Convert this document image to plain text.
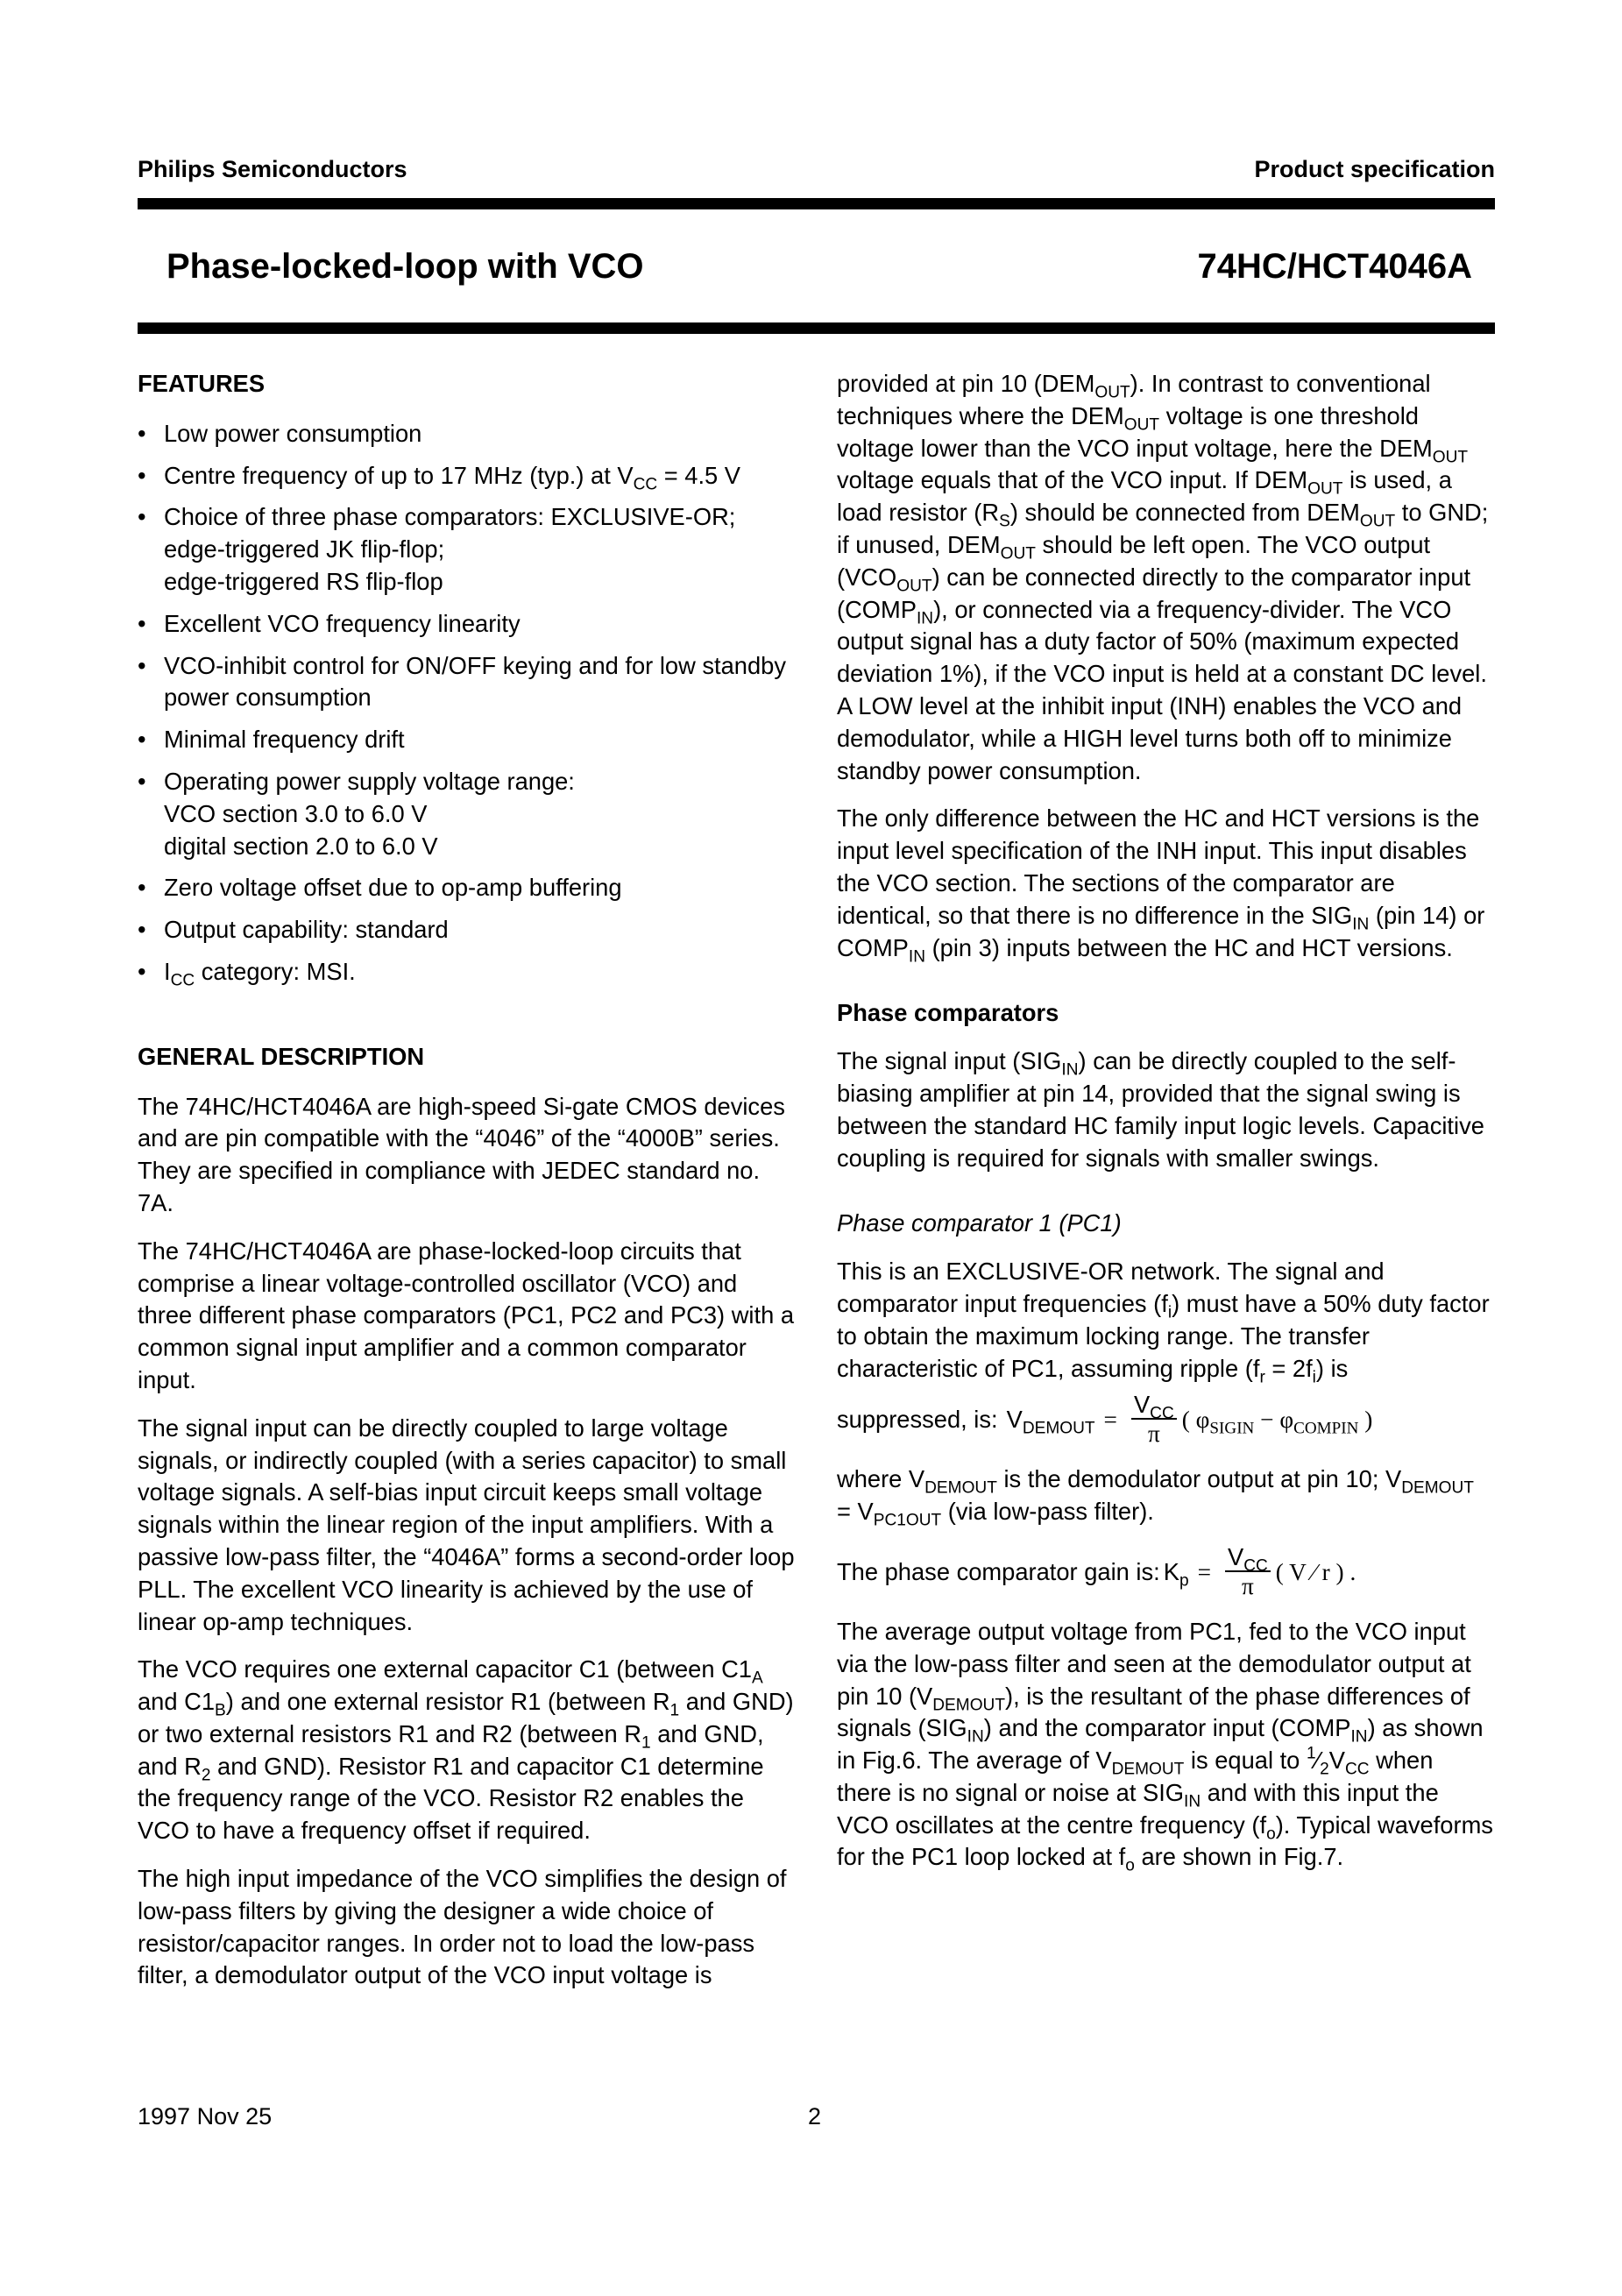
Philips Semiconductors	Product specification
Phase-locked-loop with VCO	74HC/HCT4046A
FEATURES
• Low power consumption
• Centre frequency of up to 17 MHz (typ.) at $V_{CC} = 4.5$ V
• Choice of three phase comparators: EXCLUSIVE-OR;
edge-triggered JK flip-flop;
edge-triggered RS flip-flop
• Excellent VCO frequency linearity
• VCO-inhibit control for ON/OFF keying and for low standby power consumption
• Minimal frequency drift
• Operating power supply voltage range:
VCO section 3.0 to 6.0 V
digital section 2.0 to 6.0 V
• Zero voltage offset due to op-amp buffering
• Output capability: standard
• $I_{CC}$ category: MSI.
GENERAL DESCRIPTION

The 74HC/HCT4046A are high-speed Si-gate CMOS devices and are pin compatible with the “4046” of the “4000B” series. They are specified in compliance with JEDEC standard no. 7A.

The 74HC/HCT4046A are phase-locked-loop circuits that comprise a linear voltage-controlled oscillator (VCO) and three different phase comparators (PC1, PC2 and PC3) with a common signal input amplifier and a common comparator input.

The signal input can be directly coupled to large voltage signals, or indirectly coupled (with a series capacitor) to small voltage signals. A self-bias input circuit keeps small voltage signals within the linear region of the input amplifiers. With a passive low-pass filter, the “4046A” forms a second-order loop PLL. The excellent VCO linearity is achieved by the use of linear op-amp techniques.

The VCO requires one external capacitor C1 (between $C1_A$ and $C1_B$) and one external resistor R1 (between $R_1$ and GND) or two external resistors R1 and R2 (between $R_1$ and GND, and $R_2$ and GND). Resistor R1 and capacitor C1 determine the frequency range of the VCO. Resistor R2 enables the VCO to have a frequency offset if required.

The high input impedance of the VCO simplifies the design of low-pass filters by giving the designer a wide choice of resistor/capacitor ranges. In order not to load the low-pass filter, a demodulator output of the VCO input voltage is

provided at pin 10 $(DEM_{OUT})$. In contrast to conventional techniques where the $DEM_{OUT}$ voltage is one threshold voltage lower than the VCO input voltage, here the $DEM_{OUT}$ voltage equals that of the VCO input. If $DEM_{OUT}$ is used, a load resistor $(R_S)$ should be connected from $DEM_{OUT}$ to GND; if unused, $DEM_{OUT}$ should be left open. The VCO output $(VCO_{OUT})$ can be connected directly to the comparator input $(COMP_{IN})$, or connected via a frequency-divider. The VCO output signal has a duty factor of 50% (maximum expected deviation 1%), if the VCO input is held at a constant DC level. A LOW level at the inhibit input (INH) enables the VCO and demodulator, while a HIGH level turns both off to minimize standby power consumption.

The only difference between the HC and HCT versions is the input level specification of the INH input. This input disables the VCO section. The sections of the comparator are identical, so that there is no difference in the $SIG_{IN}$ (pin 14) or $COMP_{IN}$ (pin 3) inputs between the HC and HCT versions.

Phase comparators

The signal input $(SIG_{IN})$ can be directly coupled to the self-biasing amplifier at pin 14, provided that the signal swing is between the standard HC family input logic levels. Capacitive coupling is required for signals with smaller swings.

Phase comparator 1 (PC1)

This is an EXCLUSIVE-OR network. The signal and comparator input frequencies $(f_i)$ must have a 50% duty factor to obtain the maximum locking range. The transfer characteristic of PC1, assuming ripple $(f_r = 2f_i)$ is

suppressed, is: $V_{DEMOUT} = \frac{V_{CC}}{\pi}$ ( $\varphi_{SIGIN} - \varphi_{COMPIN}$ )

where $V_{DEMOUT}$ is the demodulator output at pin 10; $V_{DEMOUT} = V_{PC1OUT}$ (via low-pass filter).

The phase comparator gain is: $K_p = \frac{V_{CC}}{\pi}$ ( V ⁄ r ) .

The average output voltage from PC1, fed to the VCO input via the low-pass filter and seen at the demodulator output at pin 10 $(V_{DEMOUT})$, is the resultant of the phase differences of signals $(SIG_{IN})$ and the comparator input $(COMP_{IN})$ as shown in Fig.6. The average of $V_{DEMOUT}$ is equal to $^1⁄_2V_{CC}$ when there is no signal or noise at $SIG_{IN}$ and with this input the VCO oscillates at the centre frequency $(f_o)$. Typical waveforms for the PC1 loop locked at $f_o$ are shown in Fig.7.

1997 Nov 25	2
